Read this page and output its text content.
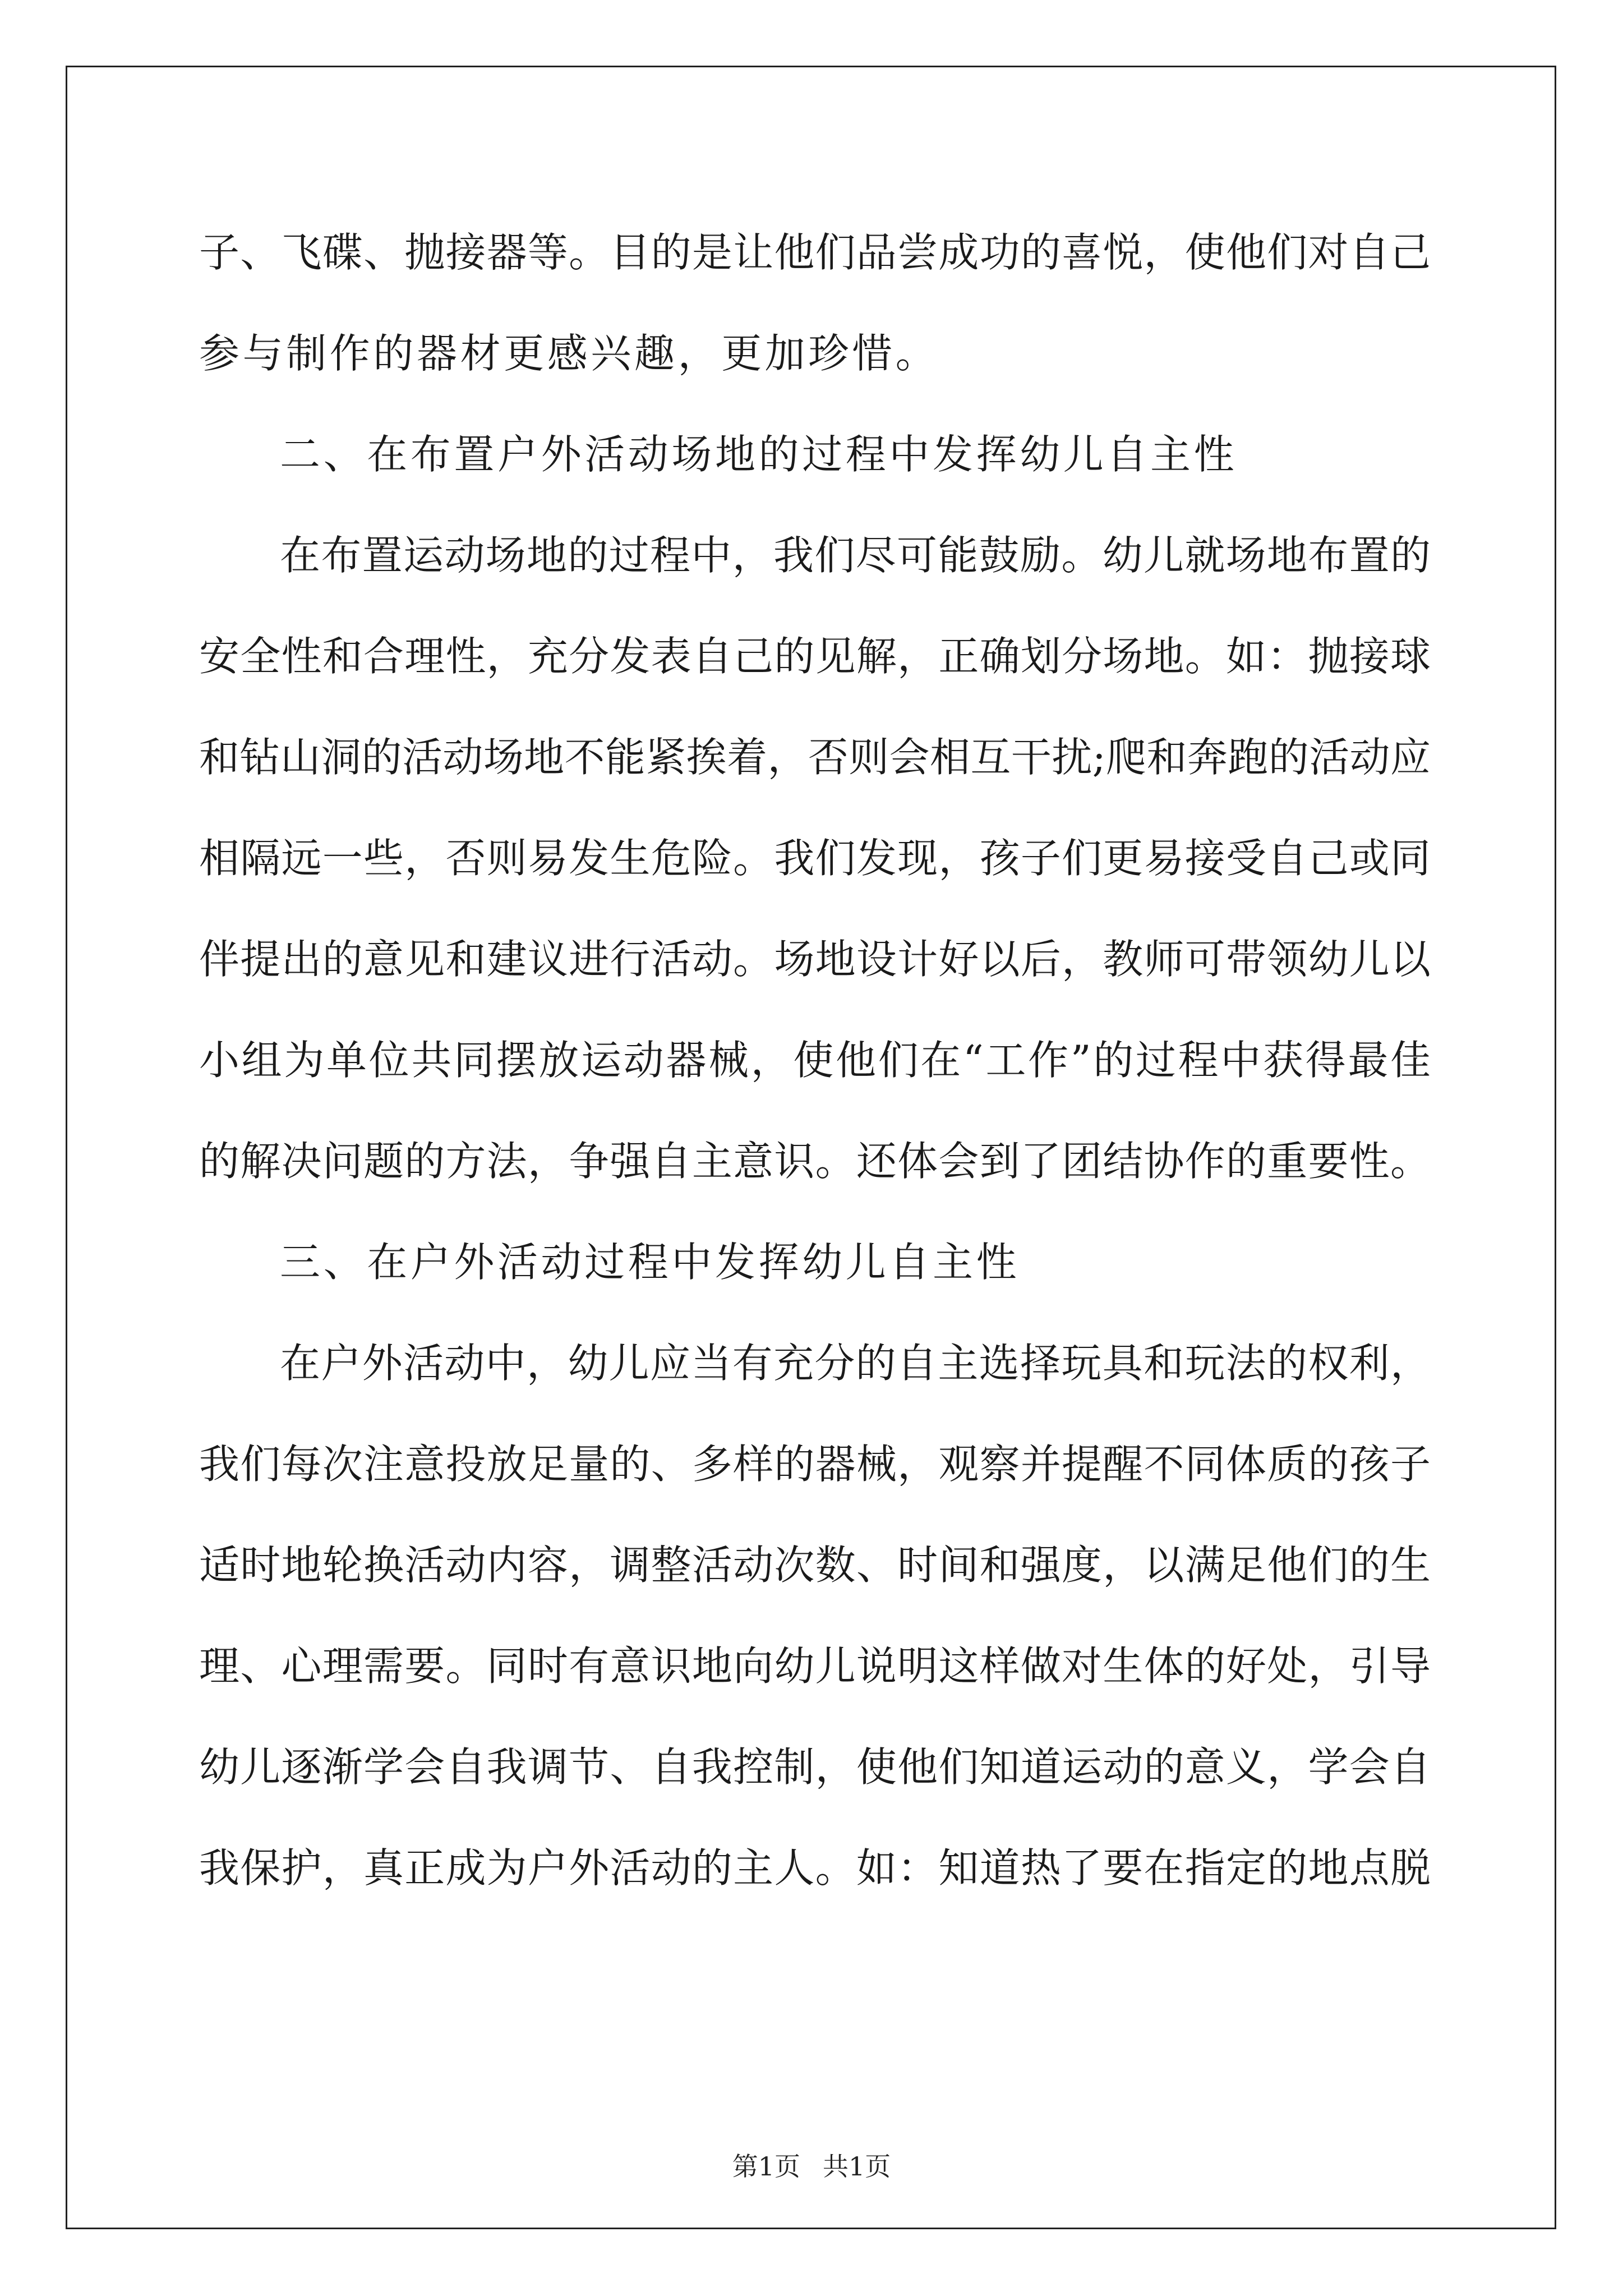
子、飞碟、抛接器等。目的是让他们品尝成功的喜悦，使他们对自己
参与制作的器材更感兴趣，更加珍惜。
二、在布置户外活动场地的过程中发挥幼儿自主性
在布置运动场地的过程中，我们尽可能鼓励。幼儿就场地布置的
安全性和合理性，充分发表自己的见解，正确划分场地。如：抛接球
和钻山洞的活动场地不能紧挨着，否则会相互干扰;爬和奔跑的活动应
相隔远一些，否则易发生危险。我们发现，孩子们更易接受自己或同
伴提出的意见和建议进行活动。场地设计好以后，教师可带领幼儿以
小组为单位共同摆放运动器械，使他们在“工作”的过程中获得最佳
的解决问题的方法，争强自主意识。还体会到了团结协作的重要性。
三、在户外活动过程中发挥幼儿自主性
在户外活动中，幼儿应当有充分的自主选择玩具和玩法的权利，
我们每次注意投放足量的、多样的器械，观察并提醒不同体质的孩子
适时地轮换活动内容，调整活动次数、时间和强度，以满足他们的生
理、心理需要。同时有意识地向幼儿说明这样做对生体的好处，引导
幼儿逐渐学会自我调节、自我控制，使他们知道运动的意义，学会自
我保护，真正成为户外活动的主人。如：知道热了要在指定的地点脱
第1页 共1页
